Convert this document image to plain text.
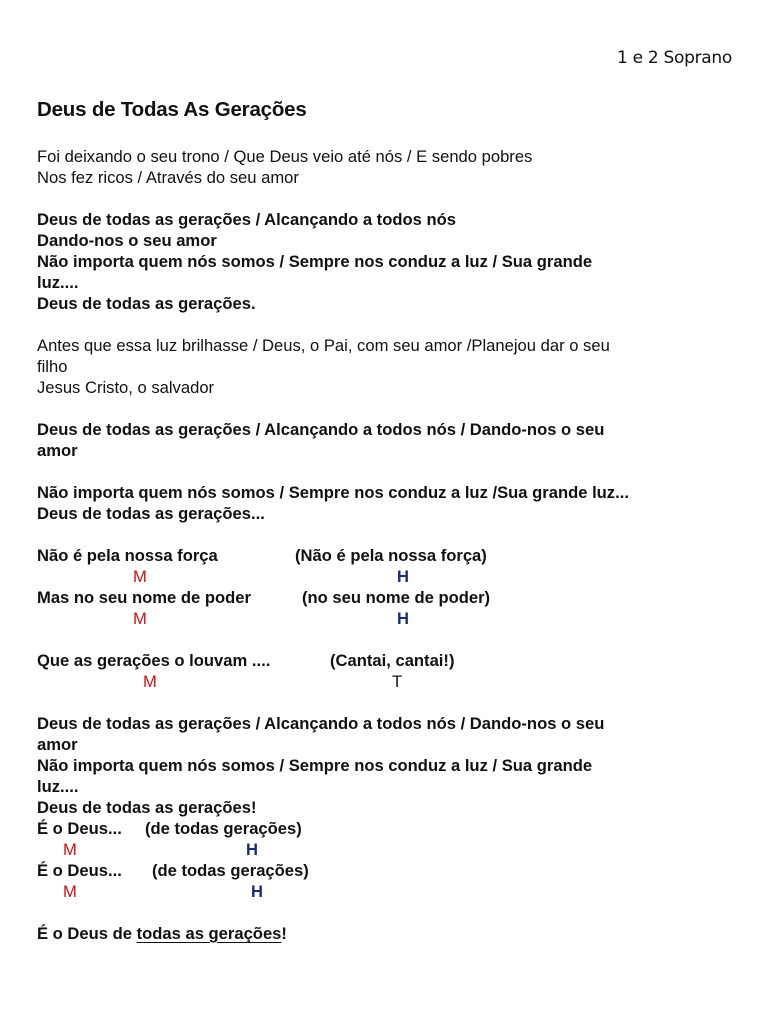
1 e 2 Soprano
Deus de Todas As Gerações
Foi deixando o seu trono / Que Deus veio até nós / E sendo pobres
Nos fez ricos / Através do seu amor
Deus de todas as gerações / Alcançando a todos nós
Dando-nos o seu amor
Não importa quem nós somos / Sempre nos conduz a luz / Sua grande
luz....
Deus de todas as gerações.
Antes que essa luz brilhasse / Deus, o Pai, com seu amor /Planejou dar o seu
filho
Jesus Cristo, o salvador
Deus de todas as gerações / Alcançando a todos nós / Dando-nos o seu
amor
Não importa quem nós somos / Sempre nos conduz a luz /Sua grande luz...
Deus de todas as gerações...
Não é pela nossa força	(Não é pela nossa força)
M	H
Mas no seu nome de poder	(no seu nome de poder)
M	H
Que as gerações o louvam ....	(Cantai, cantai!)
M	T
Deus de todas as gerações / Alcançando a todos nós / Dando-nos o seu
amor
Não importa quem nós somos / Sempre nos conduz a luz / Sua grande
luz....
Deus de todas as gerações!
É o Deus... (de todas gerações)
M	H
É o Deus... (de todas gerações)
M	H
É o Deus de todas as gerações!
